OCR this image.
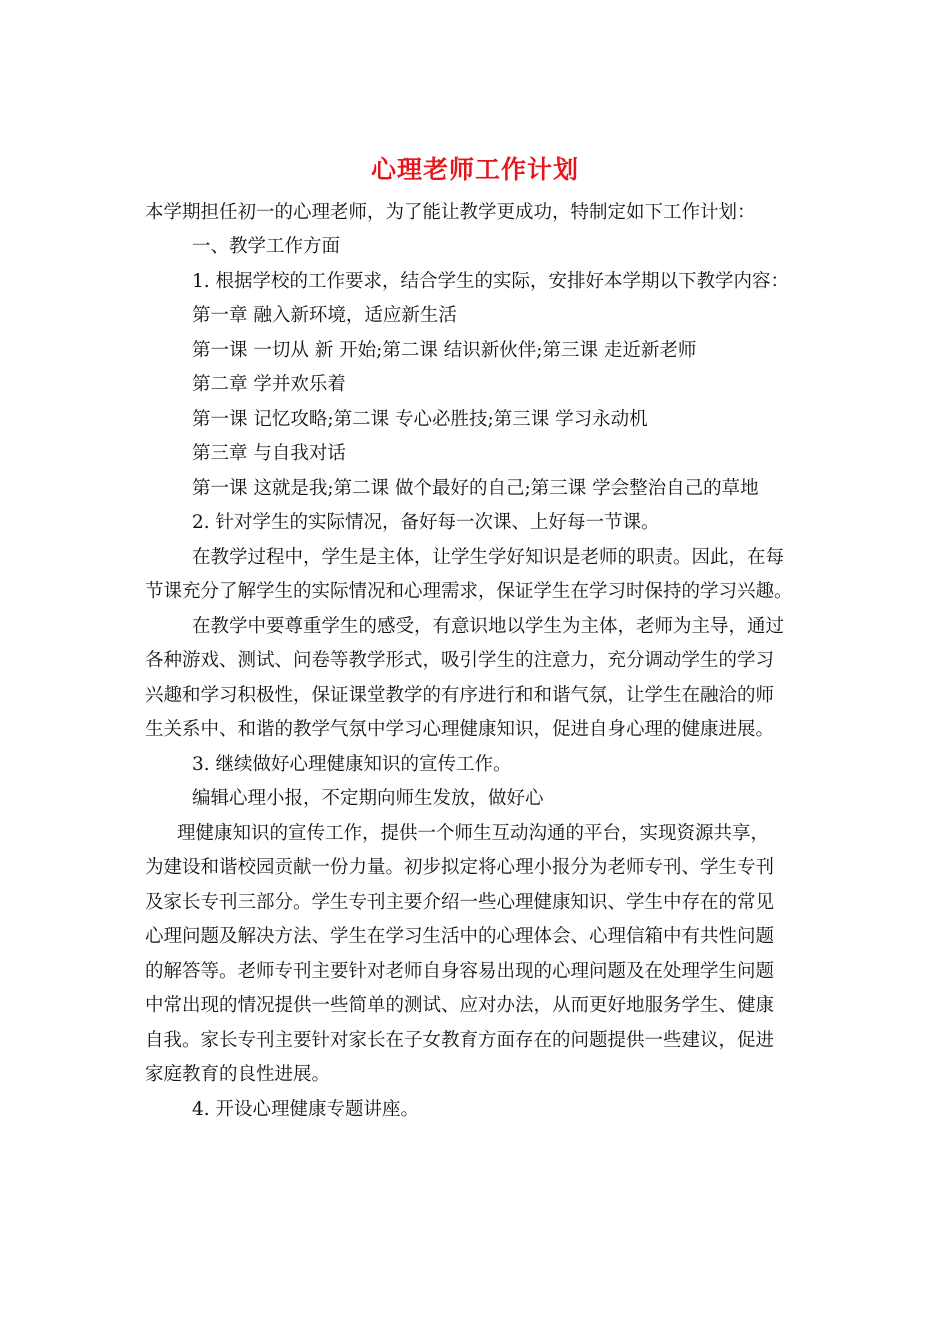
心理老师工作计划
本学期担任初一的心理老师，为了能让教学更成功，特制定如下工作计划：
一、教学工作方面
1. 根据学校的工作要求，结合学生的实际，安排好本学期以下教学内容：
第一章 融入新环境，适应新生活
第一课 一切从 新 开始;第二课 结识新伙伴;第三课 走近新老师
第二章 学并欢乐着
第一课 记忆攻略;第二课 专心必胜技;第三课 学习永动机
第三章 与自我对话
第一课 这就是我;第二课 做个最好的自己;第三课 学会整治自己的草地
2. 针对学生的实际情况，备好每一次课、上好每一节课。
在教学过程中，学生是主体，让学生学好知识是老师的职责。因此，在每
节课充分了解学生的实际情况和心理需求，保证学生在学习时保持的学习兴趣。
在教学中要尊重学生的感受，有意识地以学生为主体，老师为主导，通过
各种游戏、测试、问卷等教学形式，吸引学生的注意力，充分调动学生的学习
兴趣和学习积极性，保证课堂教学的有序进行和和谐气氛，让学生在融洽的师
生关系中、和谐的教学气氛中学习心理健康知识，促进自身心理的健康进展。
3. 继续做好心理健康知识的宣传工作。
编辑心理小报，不定期向师生发放，做好心
理健康知识的宣传工作，提供一个师生互动沟通的平台，实现资源共享，
为建设和谐校园贡献一份力量。初步拟定将心理小报分为老师专刊、学生专刊
及家长专刊三部分。学生专刊主要介绍一些心理健康知识、学生中存在的常见
心理问题及解决方法、学生在学习生活中的心理体会、心理信箱中有共性问题
的解答等。老师专刊主要针对老师自身容易出现的心理问题及在处理学生问题
中常出现的情况提供一些简单的测试、应对办法，从而更好地服务学生、健康
自我。家长专刊主要针对家长在子女教育方面存在的问题提供一些建议，促进
家庭教育的良性进展。
4. 开设心理健康专题讲座。
